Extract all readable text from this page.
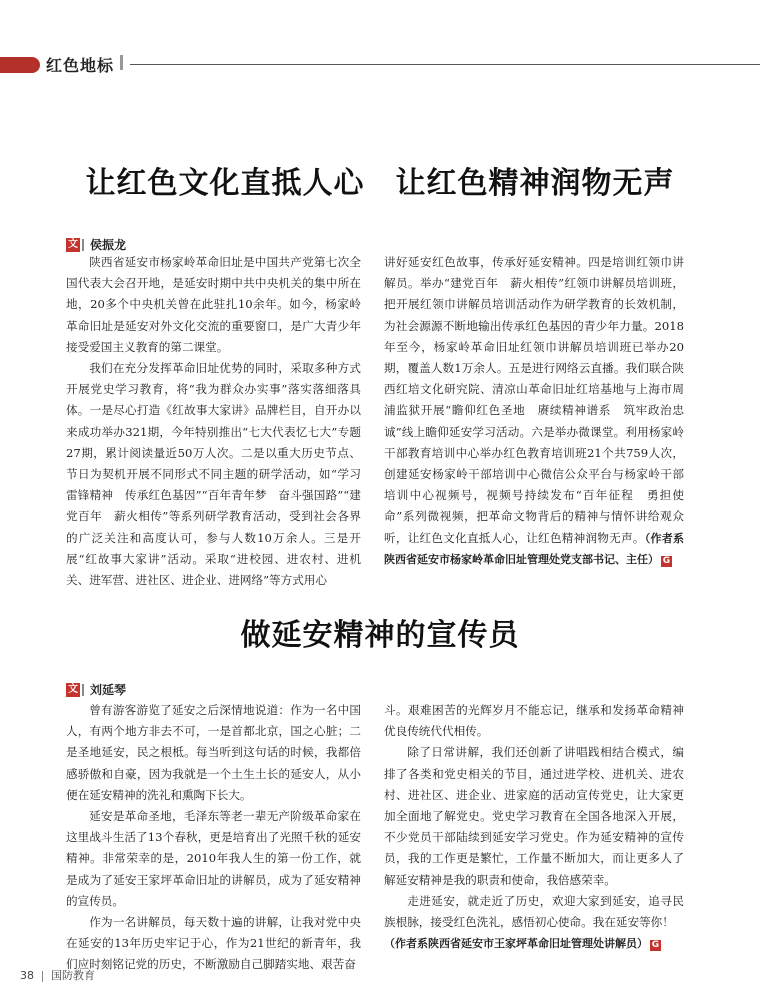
红色地标
让红色文化直抵人心　让红色精神润物无声
文 侯振龙

陕西省延安市杨家岭革命旧址是中国共产党第七次全国代表大会召开地，是延安时期中共中央机关的集中所在地，20多个中央机关曾在此驻扎10余年。如今，杨家岭革命旧址是延安对外文化交流的重要窗口，是广大青少年接受爱国主义教育的第二课堂。

我们在充分发挥革命旧址优势的同时，采取多种方式开展党史学习教育，将“我为群众办实事”落实落细落具体。一是尽心打造《红故事大家讲》品牌栏目，自开办以来成功举办321期，今年特别推出“七大代表忆七大”专题27期，累计阅读量近50万人次。二是以重大历史节点、节日为契机开展不同形式不同主题的研学活动，如“学习雷锋精神　传承红色基因”“百年青年梦　奋斗强国路”“建党百年　薪火相传”等系列研学教育活动，受到社会各界的广泛关注和高度认可，参与人数10万余人。三是开展“红故事大家讲”活动。采取“进校园、进农村、进机关、进军营、进社区、进企业、进网络”等方式用心

讲好延安红色故事，传承好延安精神。四是培训红领巾讲解员。举办“建党百年　薪火相传”红领巾讲解员培训班，把开展红领巾讲解员培训活动作为研学教育的长效机制，为社会源源不断地输出传承红色基因的青少年力量。2018年至今，杨家岭革命旧址红领巾讲解员培训班已举办20期，覆盖人数1万余人。五是进行网络云直播。我们联合陕西红培文化研究院、清凉山革命旧址红培基地与上海市周浦监狱开展“瞻仰红色圣地　赓续精神谱系　筑牢政治忠诚”线上瞻仰延安学习活动。六是举办微课堂。利用杨家岭干部教育培训中心举办红色教育培训班21个共759人次，创建延安杨家岭干部培训中心微信公众平台与杨家岭干部培训中心视频号，视频号持续发布“百年征程　勇担使命”系列微视频，把革命文物背后的精神与情怀讲给观众听，让红色文化直抵人心，让红色精神润物无声。（作者系陕西省延安市杨家岭革命旧址管理处党支部书记、主任） G

做延安精神的宣传员
文 刘延琴

曾有游客游览了延安之后深情地说道：作为一名中国人，有两个地方非去不可，一是首都北京，国之心脏；二是圣地延安，民之根柢。每当听到这句话的时候，我都倍感骄傲和自豪，因为我就是一个土生土长的延安人，从小便在延安精神的洗礼和熏陶下长大。

延安是革命圣地，毛泽东等老一辈无产阶级革命家在这里战斗生活了13个春秋，更是培育出了光照千秋的延安精神。非常荣幸的是，2010年我人生的第一份工作，就是成为了延安王家坪革命旧址的讲解员，成为了延安精神的宣传员。

作为一名讲解员，每天数十遍的讲解，让我对党中央在延安的13年历史牢记于心，作为21世纪的新青年，我们应时刻铭记党的历史，不断激励自己脚踏实地、艰苦奋

斗。艰难困苦的光辉岁月不能忘记，继承和发扬革命精神优良传统代代相传。

除了日常讲解，我们还创新了讲唱践相结合模式，编排了各类和党史相关的节目，通过进学校、进机关、进农村、进社区、进企业、进家庭的活动宣传党史，让大家更加全面地了解党史。党史学习教育在全国各地深入开展，不少党员干部陆续到延安学习党史。作为延安精神的宣传员，我的工作更是繁忙，工作量不断加大，而让更多人了解延安精神是我的职责和使命，我倍感荣幸。

走进延安，就走近了历史，欢迎大家到延安，追寻民族根脉，接受红色洗礼，感悟初心使命。我在延安等你！

（作者系陕西省延安市王家坪革命旧址管理处讲解员） G

38 国防教育
